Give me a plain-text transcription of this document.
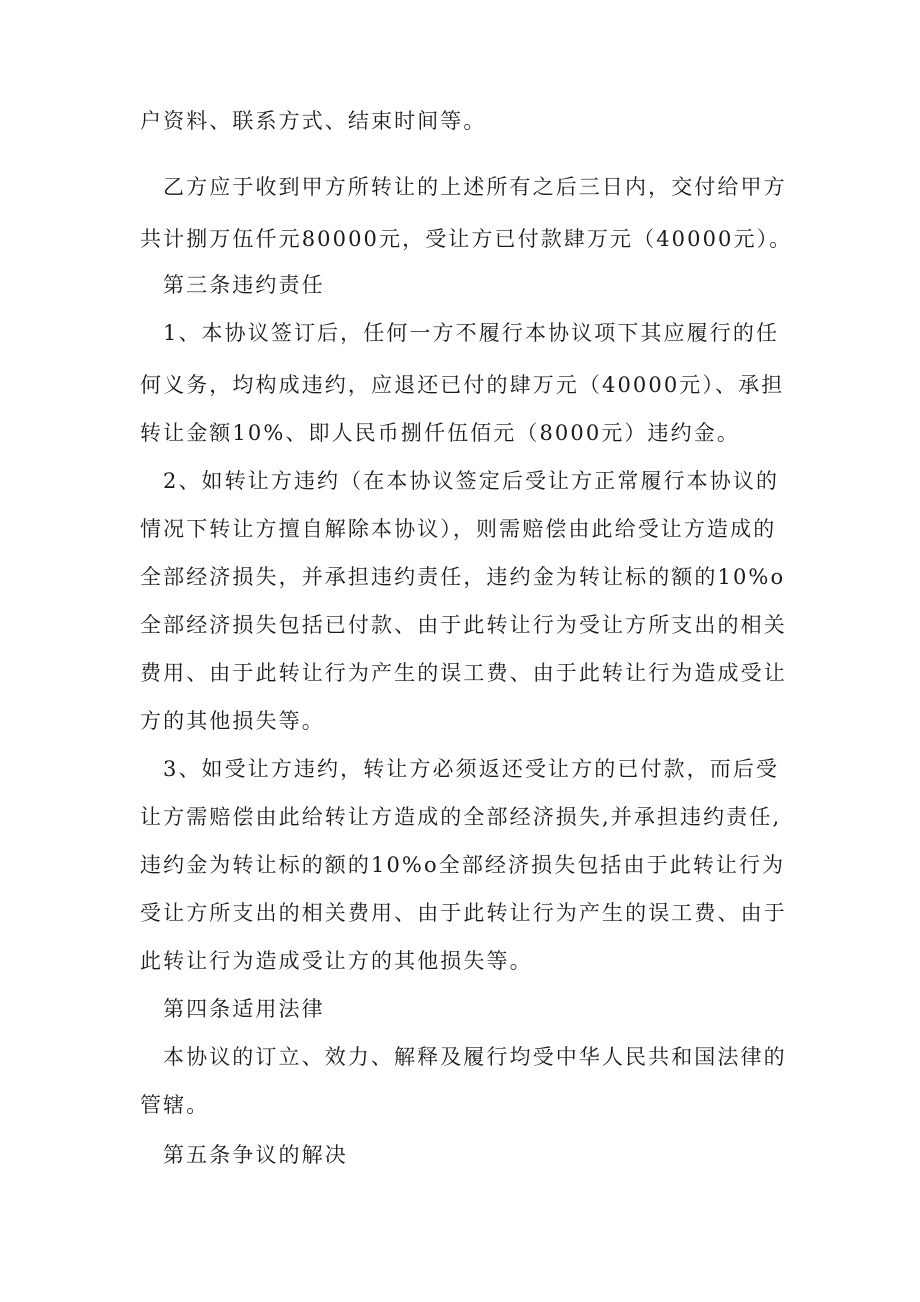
户资料、联系方式、结束时间等。
乙方应于收到甲方所转让的上述所有之后三日内，交付给甲方
共计捌万伍仟元80000元，受让方已付款肆万元（40000元）。
第三条违约责任
1、本协议签订后，任何一方不履行本协议项下其应履行的任
何义务，均构成违约，应退还已付的肆万元（40000元）、承担
转让金额10%、即人民币捌仟伍佰元（8000元）违约金。
2、如转让方违约（在本协议签定后受让方正常履行本协议的
情况下转让方擅自解除本协议），则需赔偿由此给受让方造成的
全部经济损失，并承担违约责任，违约金为转让标的额的10%o
全部经济损失包括已付款、由于此转让行为受让方所支出的相关
费用、由于此转让行为产生的误工费、由于此转让行为造成受让
方的其他损失等。
3、如受让方违约，转让方必须返还受让方的已付款，而后受
让方需赔偿由此给转让方造成的全部经济损失,并承担违约责任,
违约金为转让标的额的10%o全部经济损失包括由于此转让行为
受让方所支出的相关费用、由于此转让行为产生的误工费、由于
此转让行为造成受让方的其他损失等。
第四条适用法律
本协议的订立、效力、解释及履行均受中华人民共和国法律的
管辖。
第五条争议的解决
